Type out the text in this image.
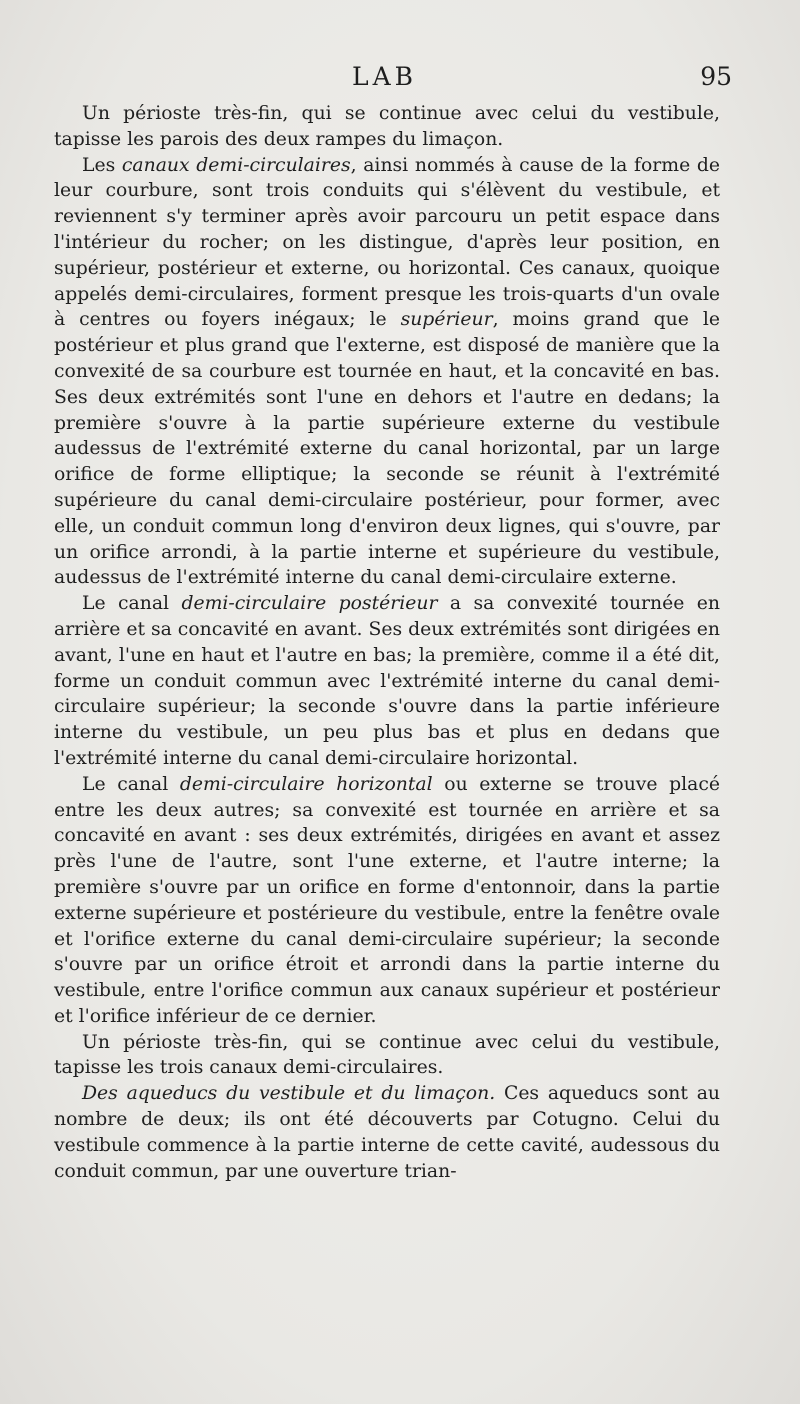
LAB	95

Un périoste très-fin, qui se continue avec celui du vestibule, tapisse les parois des deux rampes du limaçon.

Les canaux demi-circulaires, ainsi nommés à cause de la forme de leur courbure, sont trois conduits qui s'élèvent du vestibule, et reviennent s'y terminer après avoir parcouru un petit espace dans l'intérieur du rocher; on les distingue, d'après leur position, en supérieur, postérieur et externe, ou horizontal. Ces canaux, quoique appelés demi-circulaires, forment presque les trois-quarts d'un ovale à centres ou foyers inégaux; le supérieur, moins grand que le postérieur et plus grand que l'externe, est disposé de manière que la convexité de sa courbure est tournée en haut, et la concavité en bas. Ses deux extrémités sont l'une en dehors et l'autre en dedans; la première s'ouvre à la partie supérieure externe du vestibule audessus de l'extrémité externe du canal horizontal, par un large orifice de forme elliptique; la seconde se réunit à l'extrémité supérieure du canal demi-circulaire postérieur, pour former, avec elle, un conduit commun long d'environ deux lignes, qui s'ouvre, par un orifice arrondi, à la partie interne et supérieure du vestibule, audessus de l'extrémité interne du canal demi-circulaire externe.

Le canal demi-circulaire postérieur a sa convexité tournée en arrière et sa concavité en avant. Ses deux extrémités sont dirigées en avant, l'une en haut et l'autre en bas; la première, comme il a été dit, forme un conduit commun avec l'extrémité interne du canal demi-circulaire supérieur; la seconde s'ouvre dans la partie inférieure interne du vestibule, un peu plus bas et plus en dedans que l'extrémité interne du canal demi-circulaire horizontal.

Le canal demi-circulaire horizontal ou externe se trouve placé entre les deux autres; sa convexité est tournée en arrière et sa concavité en avant : ses deux extrémités, dirigées en avant et assez près l'une de l'autre, sont l'une externe, et l'autre interne; la première s'ouvre par un orifice en forme d'entonnoir, dans la partie externe supérieure et postérieure du vestibule, entre la fenêtre ovale et l'orifice externe du canal demi-circulaire supérieur; la seconde s'ouvre par un orifice étroit et arrondi dans la partie interne du vestibule, entre l'orifice commun aux canaux supérieur et postérieur et l'orifice inférieur de ce dernier.

Un périoste très-fin, qui se continue avec celui du vestibule, tapisse les trois canaux demi-circulaires.

Des aqueducs du vestibule et du limaçon. Ces aqueducs sont au nombre de deux; ils ont été découverts par Cotugno. Celui du vestibule commence à la partie interne de cette cavité, audessous du conduit commun, par une ouverture trian-
